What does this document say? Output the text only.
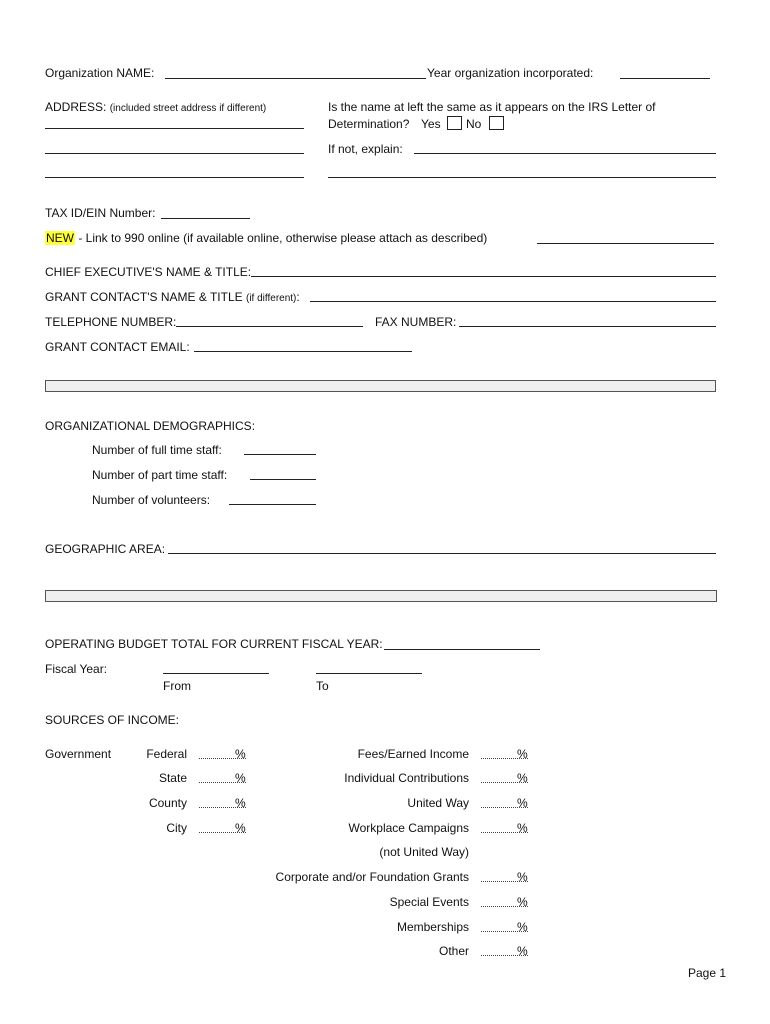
Organization NAME:	Year organization incorporated:
ADDRESS: (included street address if different)	Is the name at left the same as it appears on the IRS Letter of
Determination? Yes No
If not, explain:
TAX ID/EIN Number:
NEW - Link to 990 online (if available online, otherwise please attach as described)
CHIEF EXECUTIVE'S NAME & TITLE:
GRANT CONTACT'S NAME & TITLE (if different):
TELEPHONE NUMBER:	FAX NUMBER:
GRANT CONTACT EMAIL:
ORGANIZATIONAL DEMOGRAPHICS:
Number of full time staff:
Number of part time staff:
Number of volunteers:
GEOGRAPHIC AREA:
OPERATING BUDGET TOTAL FOR CURRENT FISCAL YEAR:
Fiscal Year:
From	To
SOURCES OF INCOME:
Government	Federal	%
State	%
County	%
City	%
Fees/Earned Income	%
Individual Contributions	%
United Way	%
Workplace Campaigns	%
(not United Way)
Corporate and/or Foundation Grants	%
Special Events	%
Memberships	%
Other	%
Page 1
